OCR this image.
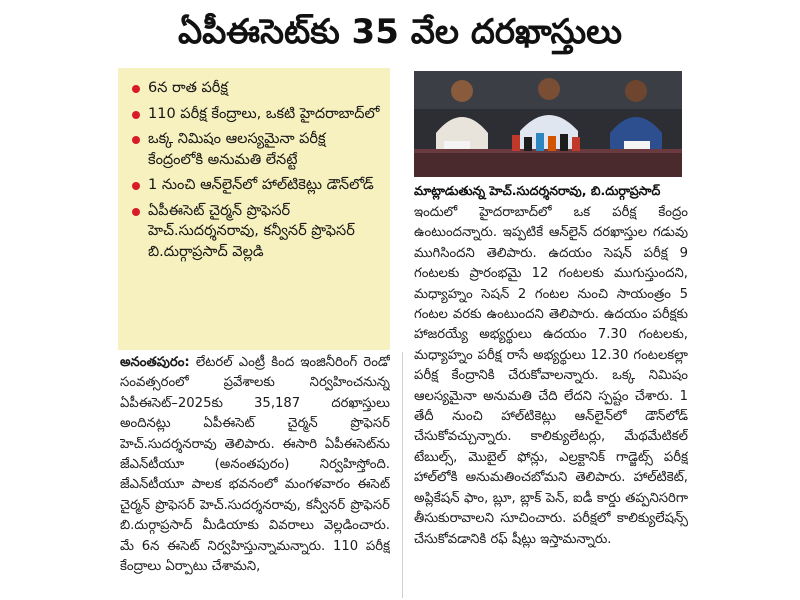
ఏపీఈసెట్‌కు 35 వేల దరఖాస్తులు
6న రాత పరీక్ష
110 పరీక్ష కేంద్రాలు, ఒకటి హైదరాబాద్‌లో
ఒక్క నిమిషం ఆలస్యమైనా పరీక్ష కేంద్రంలోకి అనుమతి లేనట్టే
1 నుంచి ఆన్‌లైన్‌లో హాల్‌టికెట్లు డౌన్‌లోడ్
ఏపీఈసెట్ చైర్మన్ ప్రొఫెసర్ హెచ్.సుదర్శనరావు, కన్వీనర్ ప్రొఫెసర్ బి.దుర్గాప్రసాద్ వెల్లడి
మాట్లాడుతున్న హెచ్.సుదర్శనరావు, బి.దుర్గాప్రసాద్

ఇందులో హైదరాబాద్‌లో ఒక పరీక్ష కేంద్రం ఉంటుందన్నారు. ఇప్పటికే ఆన్‌లైన్ దరఖాస్తుల గడువు ముగిసిందని తెలిపారు. ఉదయం సెషన్ పరీక్ష 9 గంటలకు ప్రారంభమై 12 గంటలకు ముగుస్తుందని, మధ్యాహ్నం సెషన్ 2 గంటల నుంచి సాయంత్రం 5 గంటల వరకు ఉంటుందని తెలిపారు. ఉదయం పరీక్షకు హాజరయ్యే అభ్యర్థులు ఉదయం 7.30 గంటలకు, మధ్యాహ్నం పరీక్ష రాసే అభ్యర్థులు 12.30 గంటలకల్లా పరీక్ష కేంద్రానికి చేరుకోవాలన్నారు. ఒక్క నిమిషం ఆలస్యమైనా అనుమతి చేది లేదని స్పష్టం చేశారు. 1 తేదీ నుంచి హాల్‌టికెట్లు ఆన్‌లైన్‌లో డౌన్‌లోడ్ చేసుకోవచ్చున్నారు. కాలిక్యులేటర్లు, మేథమేటికల్ టేబుల్స్, మొబైల్ ఫోన్లు, ఎల్రక్టానిక్ గాడ్జెట్స్ పరీక్ష హాల్‌లోకి అనుమతించబోమని తెలిపారు. హాల్‌టికెట్, అప్లికేషన్ ఫాం, బ్లూ, బ్లాక్ పెన్, ఐడీ కార్డు తప్పనిసరిగా తీసుకురావాలని సూచించారు. పరీక్షలో కాలిక్యులేషన్స్ చేసుకోవడానికి రఫ్ షీట్లు ఇస్తామన్నారు.

అనంతపురం: లేటరల్ ఎంట్రీ కింద ఇంజినీరింగ్ రెండో సంవత్సరంలో ప్రవేశాలకు నిర్వహించనున్న ఏపీఈసెట్–2025కు 35,187 దరఖాస్తులు అందినట్లు ఏపీఈసెట్ చైర్మన్ ప్రొఫెసర్ హెచ్.సుదర్శనరావు తెలిపారు. ఈసారి ఏపీఈసెట్‌ను జేఎన్‌టీయూ (అనంతపురం) నిర్వహిస్తోంది. జేఎన్‌టీయూ పాలక భవనంలో మంగళవారం ఈసెట్ చైర్మన్ ప్రొఫెసర్ హెచ్.సుదర్శనరావు, కన్వీనర్ ప్రొఫెసర్ బి.దుర్గాప్రసాద్ మీడియాకు వివరాలు వెల్లడించారు. మే 6న ఈసెట్ నిర్వహిస్తున్నామన్నారు. 110 పరీక్ష కేంద్రాలు ఏర్పాటు చేశామని,
